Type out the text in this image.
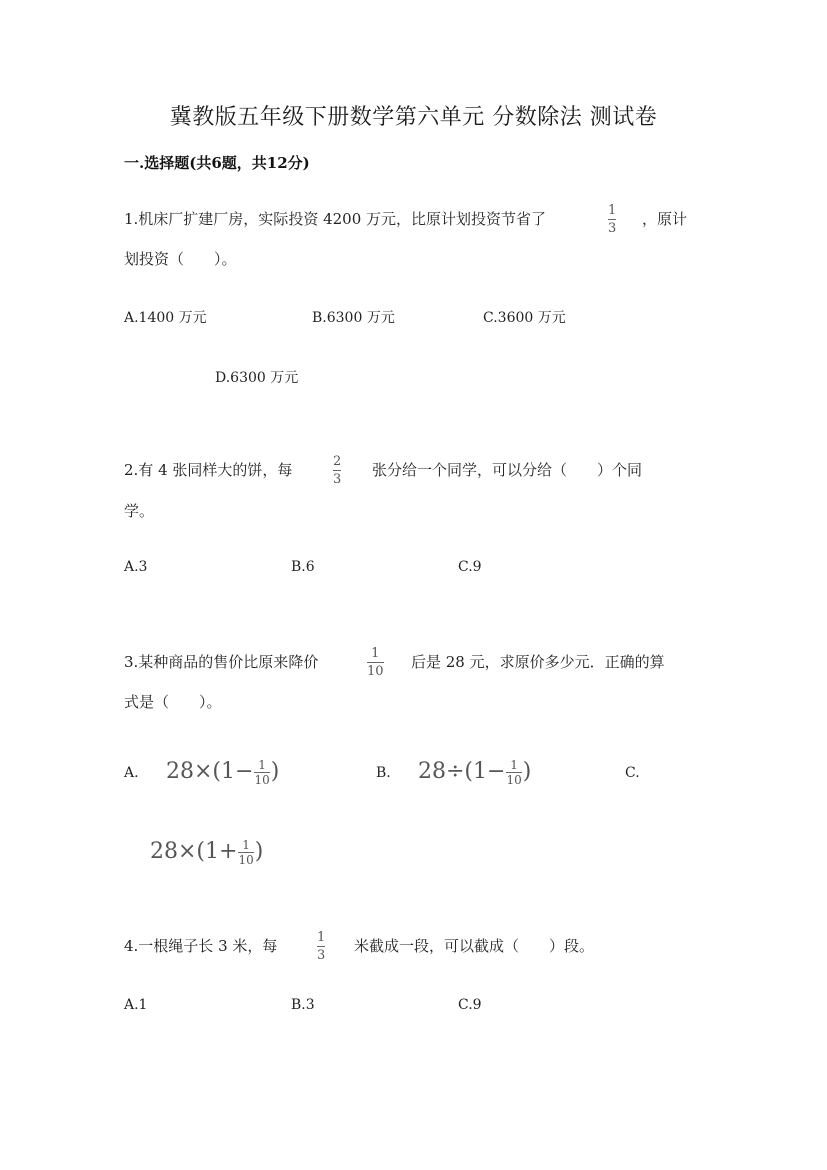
冀教版五年级下册数学第六单元 分数除法 测试卷
一.选择题(共6题，共12分)
1.机床厂扩建厂房，实际投资 4200 万元，比原计划投资节省了	1
3
，原计
划投资（　　）。
A.1400 万元	B.6300 万元	C.3600 万元
D.6300 万元
2.有 4 张同样大的饼，每	2
3
张分给一个同学，可以分给（　　）个同
学。
A.3	B.6	C.9
3.某种商品的售价比原来降价	1
10
后是 28 元，求原价多少元．正确的算
式是（　　）。
A. 28×(1− 1
10 )	B. 28÷(1− 1
10 )	C.
28×(1+ 1
10 )
4.一根绳子长 3 米，每	1
3
米截成一段，可以截成（　　）段。
A.1	B.3	C.9
